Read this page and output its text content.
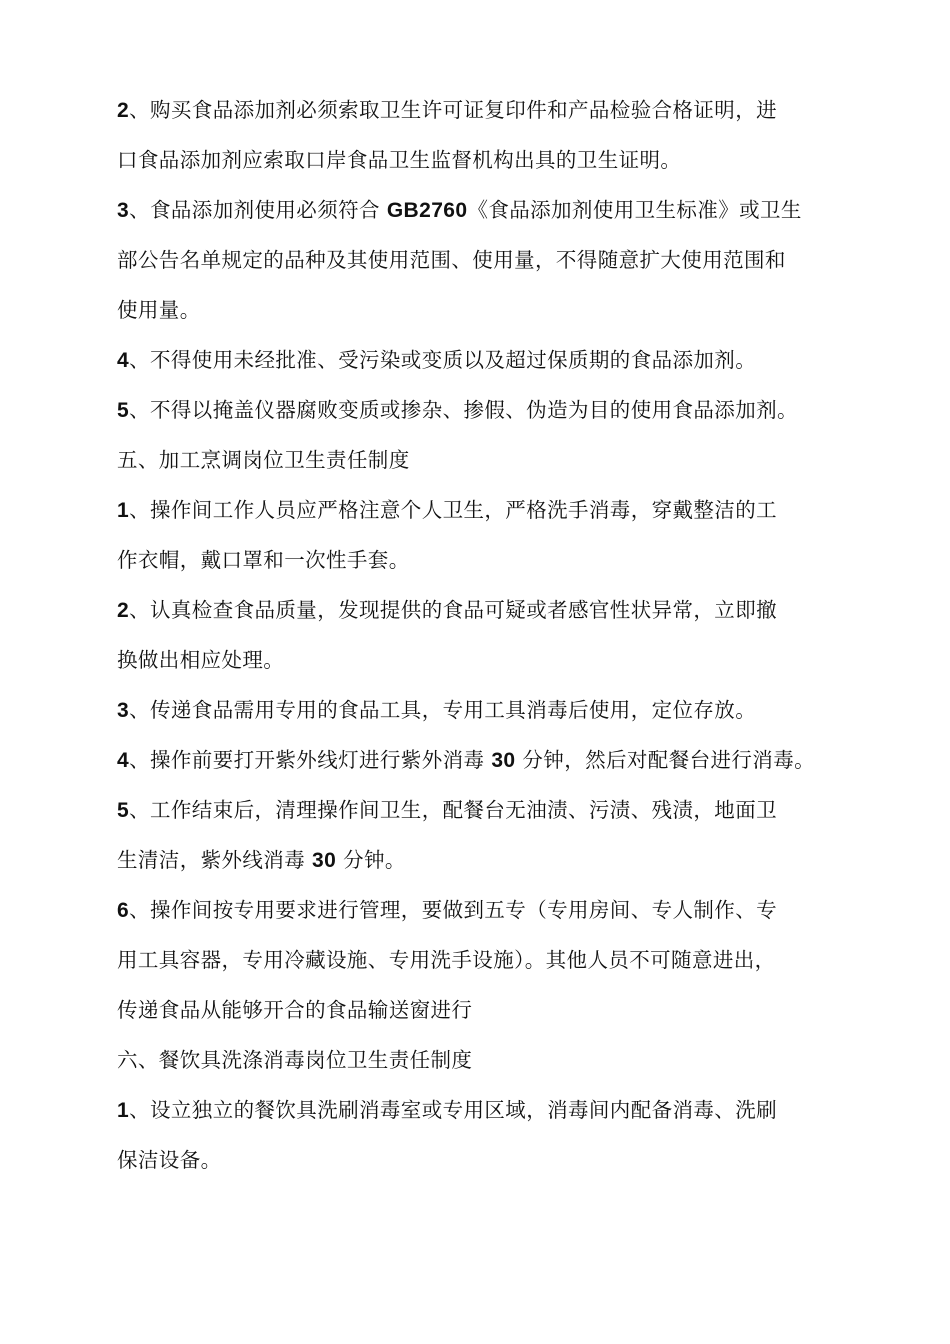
2、购买食品添加剂必须索取卫生许可证复印件和产品检验合格证明，进
口食品添加剂应索取口岸食品卫生监督机构出具的卫生证明。
3、食品添加剂使用必须符合 GB2760《食品添加剂使用卫生标准》或卫生
部公告名单规定的品种及其使用范围、使用量，不得随意扩大使用范围和
使用量。
4、不得使用未经批准、受污染或变质以及超过保质期的食品添加剂。
5、不得以掩盖仪器腐败变质或掺杂、掺假、伪造为目的使用食品添加剂。
五、加工烹调岗位卫生责任制度
1、操作间工作人员应严格注意个人卫生，严格洗手消毒，穿戴整洁的工
作衣帽，戴口罩和一次性手套。
2、认真检查食品质量，发现提供的食品可疑或者感官性状异常，立即撤
换做出相应处理。
3、传递食品需用专用的食品工具，专用工具消毒后使用，定位存放。
4、操作前要打开紫外线灯进行紫外消毒 30 分钟，然后对配餐台进行消毒。
5、工作结束后，清理操作间卫生，配餐台无油渍、污渍、残渍，地面卫
生清洁，紫外线消毒 30 分钟。
6、操作间按专用要求进行管理，要做到五专（专用房间、专人制作、专
用工具容器，专用冷藏设施、专用洗手设施）。其他人员不可随意进出，
传递食品从能够开合的食品输送窗进行
六、餐饮具洗涤消毒岗位卫生责任制度
1、设立独立的餐饮具洗刷消毒室或专用区域，消毒间内配备消毒、洗刷
保洁设备。
